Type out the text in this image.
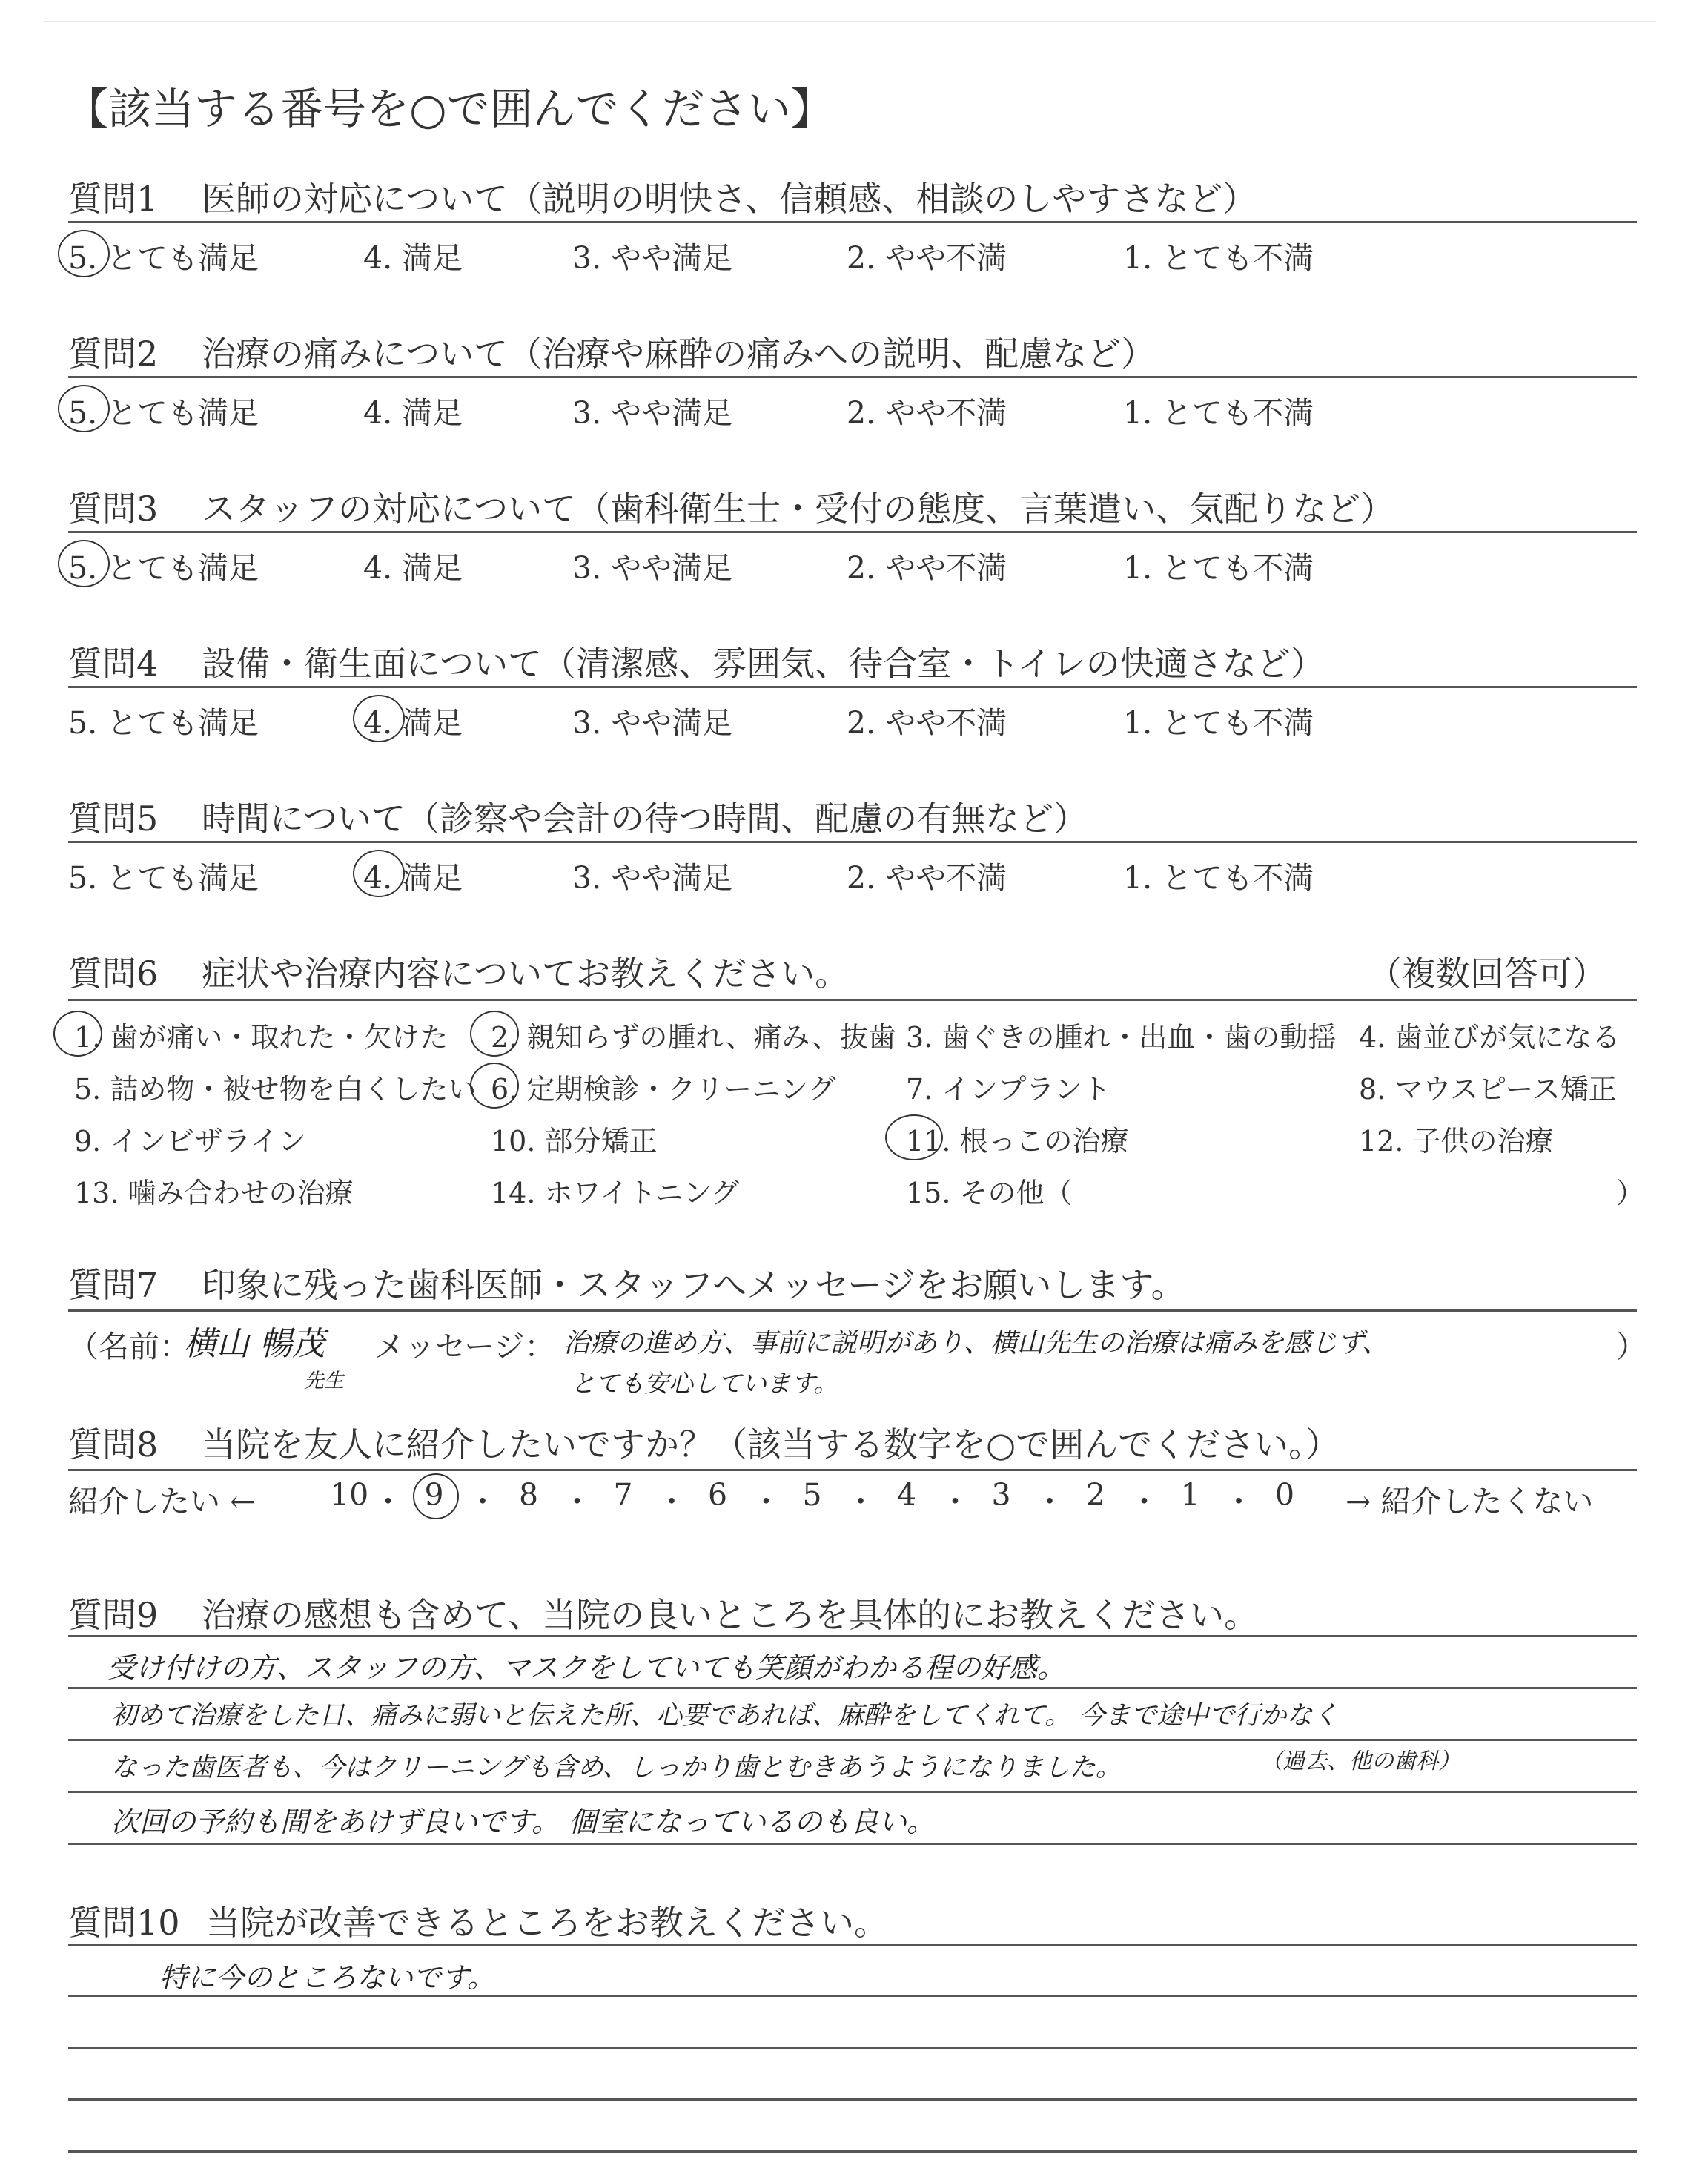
【該当する番号を○で囲んでください】
質問1 医師の対応について（説明の明快さ、信頼感、相談のしやすさなど）
5. とても満足	4. 満足	3. やや満足	2. やや不満	1. とても不満
質問2 治療の痛みについて（治療や麻酔の痛みへの説明、配慮など）
5. とても満足	4. 満足	3. やや満足	2. やや不満	1. とても不満
質問3 スタッフの対応について（歯科衛生士・受付の態度、言葉遣い、気配りなど）
5. とても満足	4. 満足	3. やや満足	2. やや不満	1. とても不満
質問4 設備・衛生面について（清潔感、雰囲気、待合室・トイレの快適さなど）
5. とても満足	4. 満足	3. やや満足	2. やや不満	1. とても不満
質問5 時間について（診察や会計の待つ時間、配慮の有無など）
5. とても満足	4. 満足	3. やや満足	2. やや不満	1. とても不満
質問6 症状や治療内容についてお教えください。	（複数回答可）
1. 歯が痛い・取れた・欠けた 2. 親知らずの腫れ、痛み、抜歯 3. 歯ぐきの腫れ・出血・歯の動揺 4. 歯並びが気になる
5. 詰め物・被せ物を白くしたい 6. 定期検診・クリーニング 7. インプラント	8. マウスピース矯正
9. インビザライン	10. 部分矯正	11. 根っこの治療	12. 子供の治療
13. 噛み合わせの治療	14. ホワイトニング	15. その他（	）
質問7 印象に残った歯科医師・スタッフへメッセージをお願いします。
（名前：
横山 暢茂
先生
メッセージ： 治療の進め方、事前に説明があり、横山先生の治療は痛みを感じず、
とても安心しています。
）
質問8 当院を友人に紹介したいですか？（該当する数字を○で囲んでください。）
紹介したい ←	→ 紹介したくない
10 ・ 9 ・ 8 ・ 7 ・ 6 ・ 5 ・ 4 ・ 3 ・ 2 ・ 1 ・ 0
質問9 治療の感想も含めて、当院の良いところを具体的にお教えください。
受け付けの方、スタッフの方、マスクをしていても笑顔がわかる程の好感。
初めて治療をした日、痛みに弱いと伝えた所、心要であれば、麻酔をしてくれて。 今まで途中で行かなく
なった歯医者も、今はクリーニングも含め、しっかり歯とむきあうようになりました。	（過去、他の歯科）
次回の予約も間をあけず良いです。 個室になっているのも良い。
質問10 当院が改善できるところをお教えください。
特に今のところないです。
